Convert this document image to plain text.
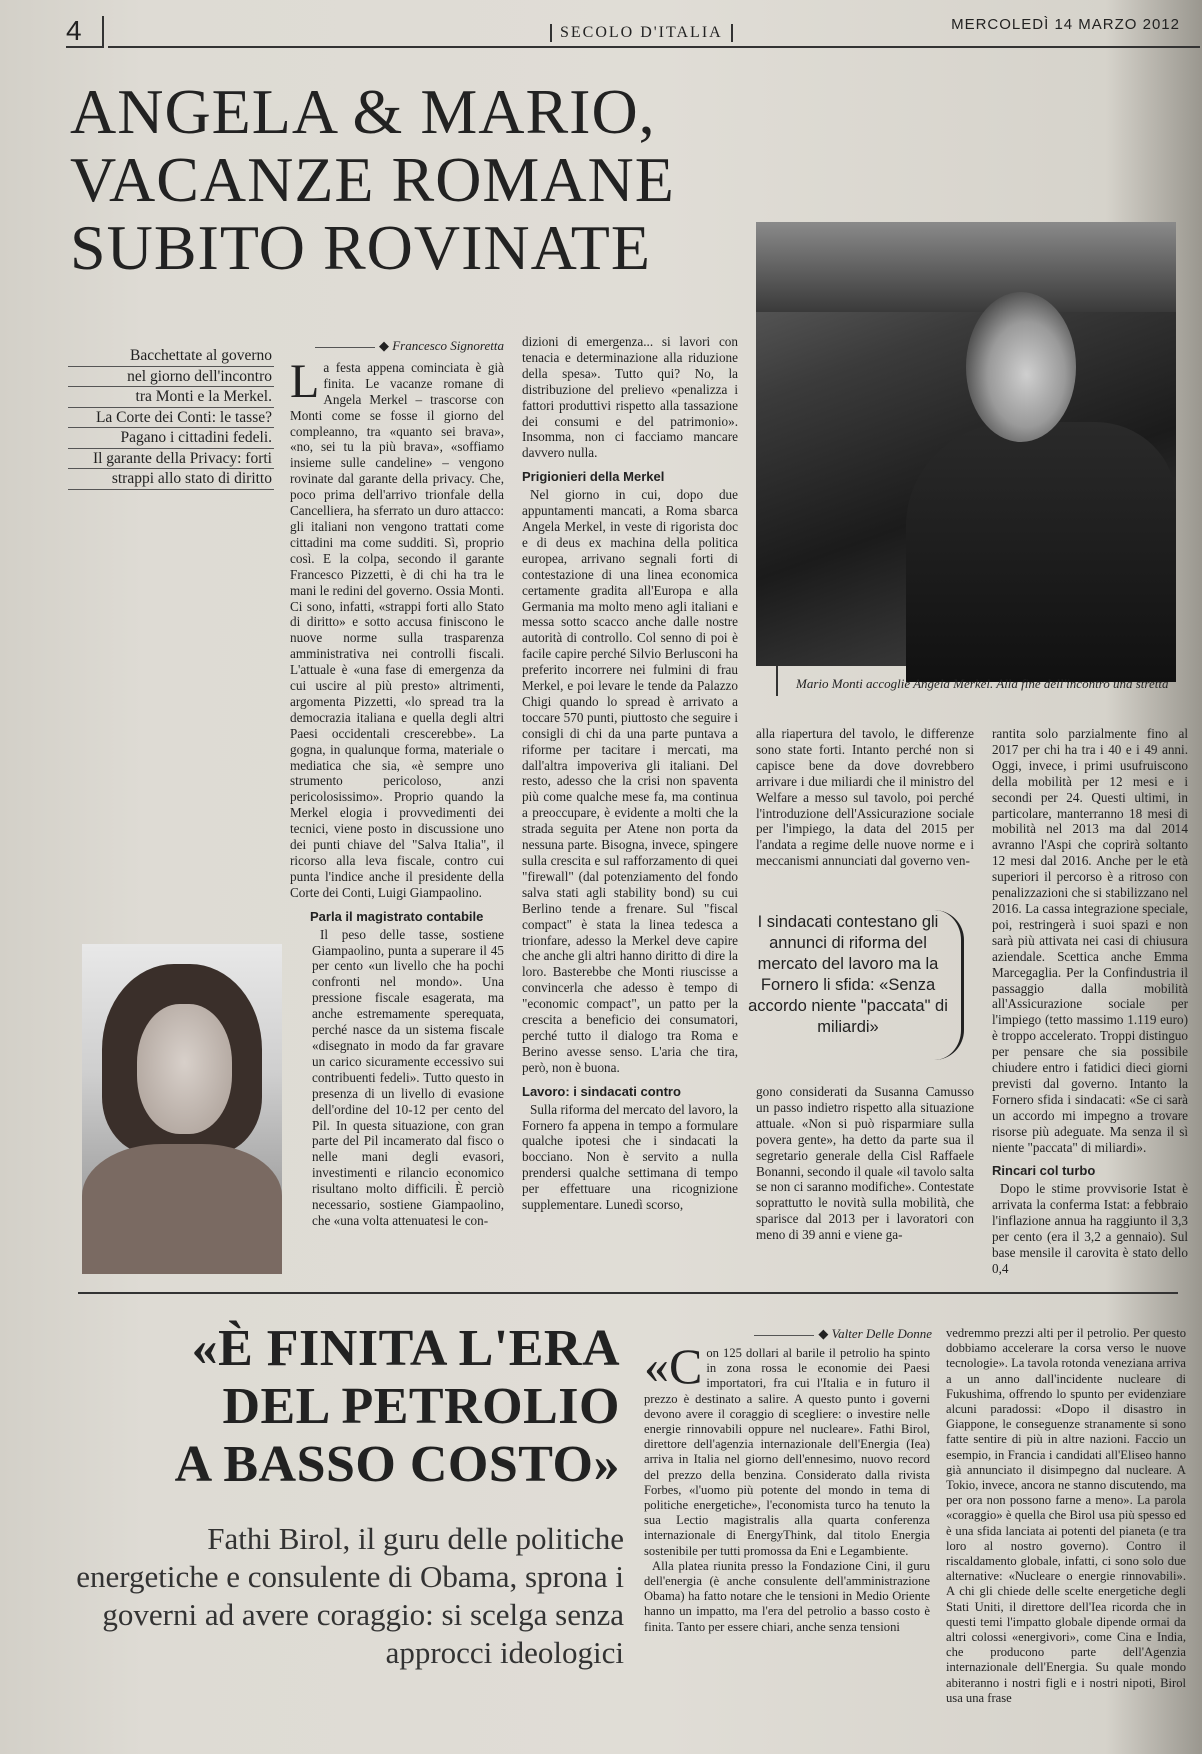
4	SECOLO D'ITALIA	MERCOLEDÌ 14 MARZO 2012
ANGELA & MARIO,
VACANZE ROMANE
SUBITO ROVINATE
Bacchettate al governo
nel giorno dell'incontro
tra Monti e la Merkel.
La Corte dei Conti: le tasse?
Pagano i cittadini fedeli.
Il garante della Privacy: forti
strappi allo stato di diritto
◆ Francesco Signoretta

La festa appena cominciata è già finita. Le vacanze romane di Angela Merkel – trascorse con Monti come se fosse il giorno del compleanno, tra «quanto sei brava», «no, sei tu la più brava», «soffiamo insieme sulle candeline» – vengono rovinate dal garante della privacy. Che, poco prima dell'arrivo trionfale della Cancelliera, ha sferrato un duro attacco: gli italiani non vengono trattati come cittadini ma come sudditi. Sì, proprio così. E la colpa, secondo il garante Francesco Pizzetti, è di chi ha tra le mani le redini del governo. Ossia Monti. Ci sono, infatti, «strappi forti allo Stato di diritto» e sotto accusa finiscono le nuove norme sulla trasparenza amministrativa nei controlli fiscali. L'attuale è «una fase di emergenza da cui uscire al più presto» altrimenti, argomenta Pizzetti, «lo spread tra la democrazia italiana e quella degli altri Paesi occidentali crescerebbe». La gogna, in qualunque forma, materiale o mediatica che sia, «è sempre uno strumento pericoloso, anzi pericolosissimo». Proprio quando la Merkel elogia i provvedimenti dei tecnici, viene posto in discussione uno dei punti chiave del "Salva Italia", il ricorso alla leva fiscale, contro cui punta l'indice anche il presidente della Corte dei Conti, Luigi Giampaolino.

Parla il magistrato contabile

Il peso delle tasse, sostiene Giampaolino, punta a superare il 45 per cento «un livello che ha pochi confronti nel mondo». Una pressione fiscale esagerata, ma anche estremamente sperequata, perché nasce da un sistema fiscale «disegnato in modo da far gravare un carico sicuramente eccessivo sui contribuenti fedeli». Tutto questo in presenza di un livello di evasione dell'ordine del 10-12 per cento del Pil. In questa situazione, con gran parte del Pil incamerato dal fisco o nelle mani degli evasori, investimenti e rilancio economico risultano molto difficili. È perciò necessario, sostiene Giampaolino, che «una volta attenuatesi le con-

dizioni di emergenza... si lavori con tenacia e determinazione alla riduzione della spesa». Tutto qui? No, la distribuzione del prelievo «penalizza i fattori produttivi rispetto alla tassazione dei consumi e del patrimonio». Insomma, non ci facciamo mancare davvero nulla.

Prigionieri della Merkel

Nel giorno in cui, dopo due appuntamenti mancati, a Roma sbarca Angela Merkel, in veste di rigorista doc e di deus ex machina della politica europea, arrivano segnali forti di contestazione di una linea economica certamente gradita all'Europa e alla Germania ma molto meno agli italiani e messa sotto scacco anche dalle nostre autorità di controllo. Col senno di poi è facile capire perché Silvio Berlusconi ha preferito incorrere nei fulmini di frau Merkel, e poi levare le tende da Palazzo Chigi quando lo spread è arrivato a toccare 570 punti, piuttosto che seguire i consigli di chi da una parte puntava a riforme per tacitare i mercati, ma dall'altra impoveriva gli italiani. Del resto, adesso che la crisi non spaventa più come qualche mese fa, ma continua a preoccupare, è evidente a molti che la strada seguita per Atene non porta da nessuna parte. Bisogna, invece, spingere sulla crescita e sul rafforzamento di quei "firewall" (dal potenziamento del fondo salva stati agli stability bond) su cui Berlino tende a frenare. Sul "fiscal compact" è stata la linea tedesca a trionfare, adesso la Merkel deve capire che anche gli altri hanno diritto di dire la loro. Basterebbe che Monti riuscisse a convincerla che adesso è tempo di "economic compact", un patto per la crescita a beneficio dei consumatori, perché tutto il dialogo tra Roma e Berino avesse senso. L'aria che tira, però, non è buona.

Lavoro: i sindacati contro

Sulla riforma del mercato del lavoro, la Fornero fa appena in tempo a formulare qualche ipotesi che i sindacati la bocciano. Non è servito a nulla prendersi qualche settimana di tempo per effettuare una ricognizione supplementare. Lunedì scorso,

Mario Monti accoglie Angela Merkel. Alla fine dell'incontro una stretta

alla riapertura del tavolo, le differenze sono state forti. Intanto perché non si capisce bene da dove dovrebbero arrivare i due miliardi che il ministro del Welfare a messo sul tavolo, poi perché l'introduzione dell'Assicurazione sociale per l'impiego, la data del 2015 per l'andata a regime delle nuove norme e i meccanismi annunciati dal governo ven-

I sindacati contestano gli annunci di riforma del mercato del lavoro ma la Fornero li sfida: «Senza accordo niente "paccata" di miliardi»

gono considerati da Susanna Camusso un passo indietro rispetto alla situazione attuale. «Non si può risparmiare sulla povera gente», ha detto da parte sua il segretario generale della Cisl Raffaele Bonanni, secondo il quale «il tavolo salta se non ci saranno modifiche». Contestate soprattutto le novità sulla mobilità, che sparisce dal 2013 per i lavoratori con meno di 39 anni e viene ga-

rantita solo parzialmente fino al 2017 per chi ha tra i 40 e i 49 anni. Oggi, invece, i primi usufruiscono della mobilità per 12 mesi e i secondi per 24. Questi ultimi, in particolare, manterranno 18 mesi di mobilità nel 2013 ma dal 2014 avranno l'Aspi che coprirà soltanto 12 mesi dal 2016. Anche per le età superiori il percorso è a ritroso con penalizzazioni che si stabilizzano nel 2016. La cassa integrazione speciale, poi, restringerà i suoi spazi e non sarà più attivata nei casi di chiusura aziendale. Scettica anche Emma Marcegaglia. Per la Confindustria il passaggio dalla mobilità all'Assicurazione sociale per l'impiego (tetto massimo 1.119 euro) è troppo accelerato. Troppi distinguo per pensare che sia possibile chiudere entro i fatidici dieci giorni previsti dal governo. Intanto la Fornero sfida i sindacati: «Se ci sarà un accordo mi impegno a trovare risorse più adeguate. Ma senza il sì niente "paccata" di miliardi».

Rincari col turbo

Dopo le stime provvisorie Istat è arrivata la conferma Istat: a febbraio l'inflazione annua ha raggiunto il 3,3 per cento (era il 3,2 a gennaio). Sul base mensile il carovita è stato dello 0,4

«È FINITA L'ERA
DEL PETROLIO
A BASSO COSTO»
Fathi Birol, il guru delle politiche energetiche e consulente di Obama, sprona i governi ad avere coraggio: si scelga senza approcci ideologici
◆ Valter Delle Donne

«Con 125 dollari al barile il petrolio ha spinto in zona rossa le economie dei Paesi importatori, fra cui l'Italia e in futuro il prezzo è destinato a salire. A questo punto i governi devono avere il coraggio di scegliere: o investire nelle energie rinnovabili oppure nel nucleare». Fathi Birol, direttore dell'agenzia internazionale dell'Energia (Iea) arriva in Italia nel giorno dell'ennesimo, nuovo record del prezzo della benzina. Considerato dalla rivista Forbes, «l'uomo più potente del mondo in tema di politiche energetiche», l'economista turco ha tenuto la sua Lectio magistralis alla quarta conferenza internazionale di EnergyThink, dal titolo Energia sostenibile per tutti promossa da Eni e Legambiente.

Alla platea riunita presso la Fondazione Cini, il guru dell'energia (è anche consulente dell'amministrazione Obama) ha fatto notare che le tensioni in Medio Oriente hanno un impatto, ma l'era del petrolio a basso costo è finita. Tanto per essere chiari, anche senza tensioni

vedremmo prezzi alti per il petrolio. Per questo dobbiamo accelerare la corsa verso le nuove tecnologie». La tavola rotonda veneziana arriva a un anno dall'incidente nucleare di Fukushima, offrendo lo spunto per evidenziare alcuni paradossi: «Dopo il disastro in Giappone, le conseguenze stranamente si sono fatte sentire di più in altre nazioni. Faccio un esempio, in Francia i candidati all'Eliseo hanno già annunciato il disimpegno dal nucleare. A Tokio, invece, ancora ne stanno discutendo, ma per ora non possono farne a meno». La parola «coraggio» è quella che Birol usa più spesso ed è una sfida lanciata ai potenti del pianeta (e tra loro al nostro governo). Contro il riscaldamento globale, infatti, ci sono solo due alternative: «Nucleare o energie rinnovabili». A chi gli chiede delle scelte energetiche degli Stati Uniti, il direttore dell'Iea ricorda che in questi temi l'impatto globale dipende ormai da altri colossi «energivori», come Cina e India, che producono parte dell'Agenzia internazionale dell'Energia. Su quale mondo abiteranno i nostri figli e i nostri nipoti, Birol usa una frase
